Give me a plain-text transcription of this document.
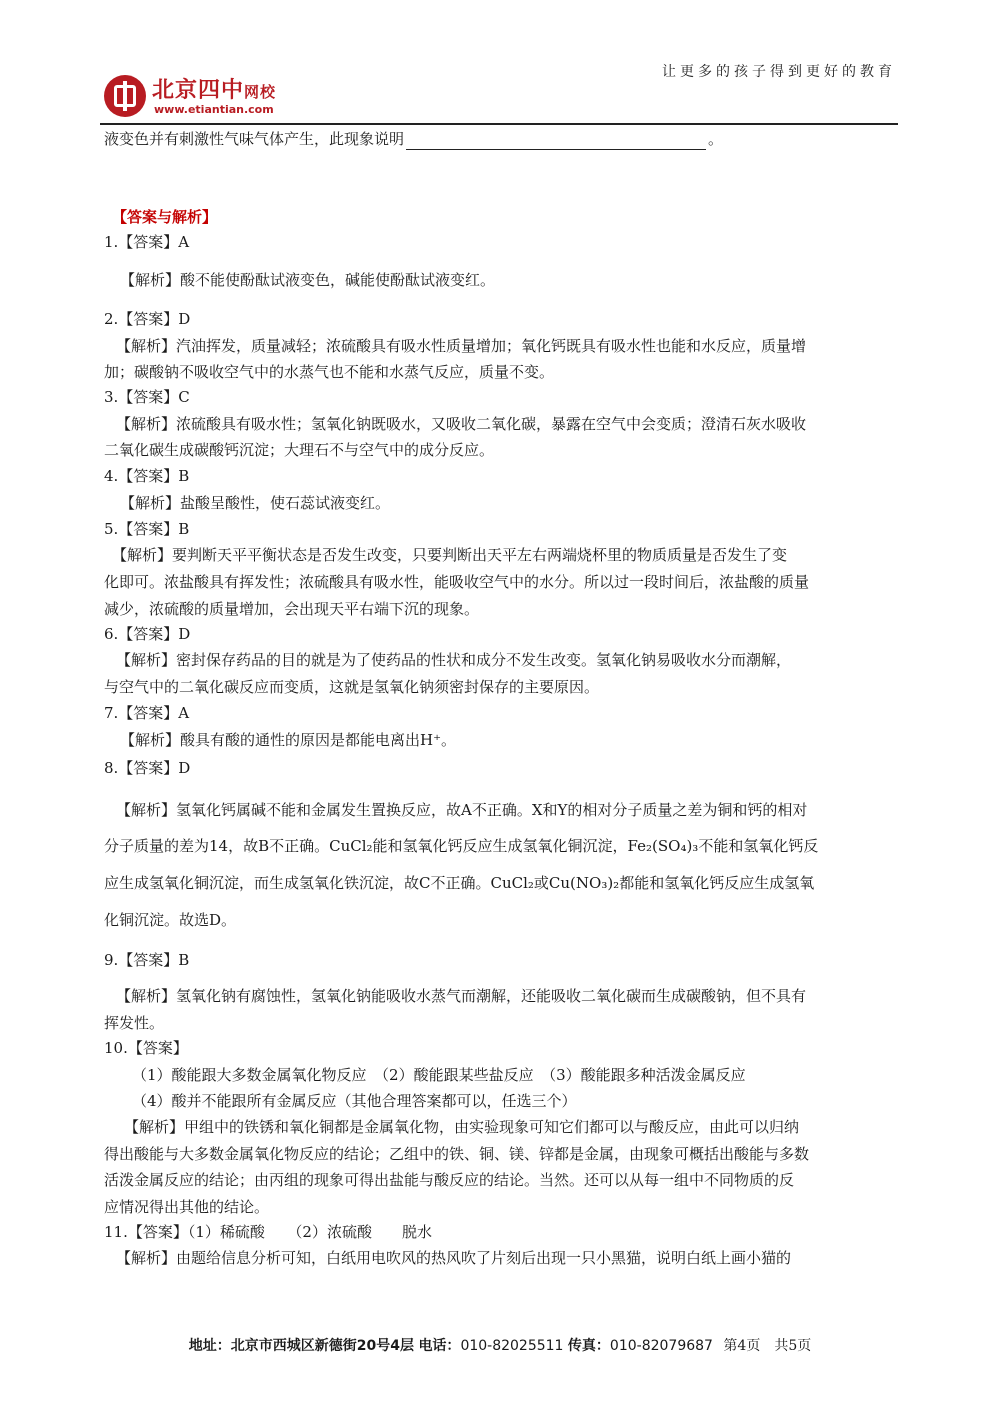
北京四中网校
www.etiantian.com
让更多的孩子得到更好的教育
液变色并有刺激性气味气体产生，此现象说明	。
【答案与解析】
1.【答案】A
【解析】酸不能使酚酞试液变色，碱能使酚酞试液变红。
2.【答案】D
【解析】汽油挥发，质量减轻；浓硫酸具有吸水性质量增加；氧化钙既具有吸水性也能和水反应，质量增
加；碳酸钠不吸收空气中的水蒸气也不能和水蒸气反应，质量不变。
3.【答案】C
【解析】浓硫酸具有吸水性；氢氧化钠既吸水，又吸收二氧化碳，暴露在空气中会变质；澄清石灰水吸收
二氧化碳生成碳酸钙沉淀；大理石不与空气中的成分反应。
4.【答案】B
【解析】盐酸呈酸性，使石蕊试液变红。
5.【答案】B
【解析】要判断天平平衡状态是否发生改变，只要判断出天平左右两端烧杯里的物质质量是否发生了变
化即可。浓盐酸具有挥发性；浓硫酸具有吸水性，能吸收空气中的水分。所以过一段时间后，浓盐酸的质量
减少，浓硫酸的质量增加，会出现天平右端下沉的现象。
6.【答案】D
【解析】密封保存药品的目的就是为了使药品的性状和成分不发生改变。氢氧化钠易吸收水分而潮解，
与空气中的二氧化碳反应而变质，这就是氢氧化钠须密封保存的主要原因。
7.【答案】A
【解析】酸具有酸的通性的原因是都能电离出H⁺。
8.【答案】D
【解析】氢氧化钙属碱不能和金属发生置换反应，故A不正确。X和Y的相对分子质量之差为铜和钙的相对
分子质量的差为14，故B不正确。CuCl₂能和氢氧化钙反应生成氢氧化铜沉淀，Fe₂(SO₄)₃不能和氢氧化钙反
应生成氢氧化铜沉淀，而生成氢氧化铁沉淀，故C不正确。CuCl₂或Cu(NO₃)₂都能和氢氧化钙反应生成氢氧
化铜沉淀。故选D。
9.【答案】B
【解析】氢氧化钠有腐蚀性，氢氧化钠能吸收水蒸气而潮解，还能吸收二氧化碳而生成碳酸钠，但不具有
挥发性。
10.【答案】
（1）酸能跟大多数金属氧化物反应　（2）酸能跟某些盐反应　（3）酸能跟多种活泼金属反应
（4）酸并不能跟所有金属反应（其他合理答案都可以，任选三个）
【解析】甲组中的铁锈和氧化铜都是金属氧化物，由实验现象可知它们都可以与酸反应，由此可以归纳
得出酸能与大多数金属氧化物反应的结论；乙组中的铁、铜、镁、锌都是金属，由现象可概括出酸能与多数
活泼金属反应的结论；由丙组的现象可得出盐能与酸反应的结论。当然。还可以从每一组中不同物质的反
应情况得出其他的结论。
11.【答案】（1）稀硫酸　　（2）浓硫酸　　脱水
【解析】由题给信息分析可知，白纸用电吹风的热风吹了片刻后出现一只小黑猫，说明白纸上画小猫的
地址：北京市西城区新德街20号4层 电话：010-82025511 传真：010-82079687 第4页　共5页
